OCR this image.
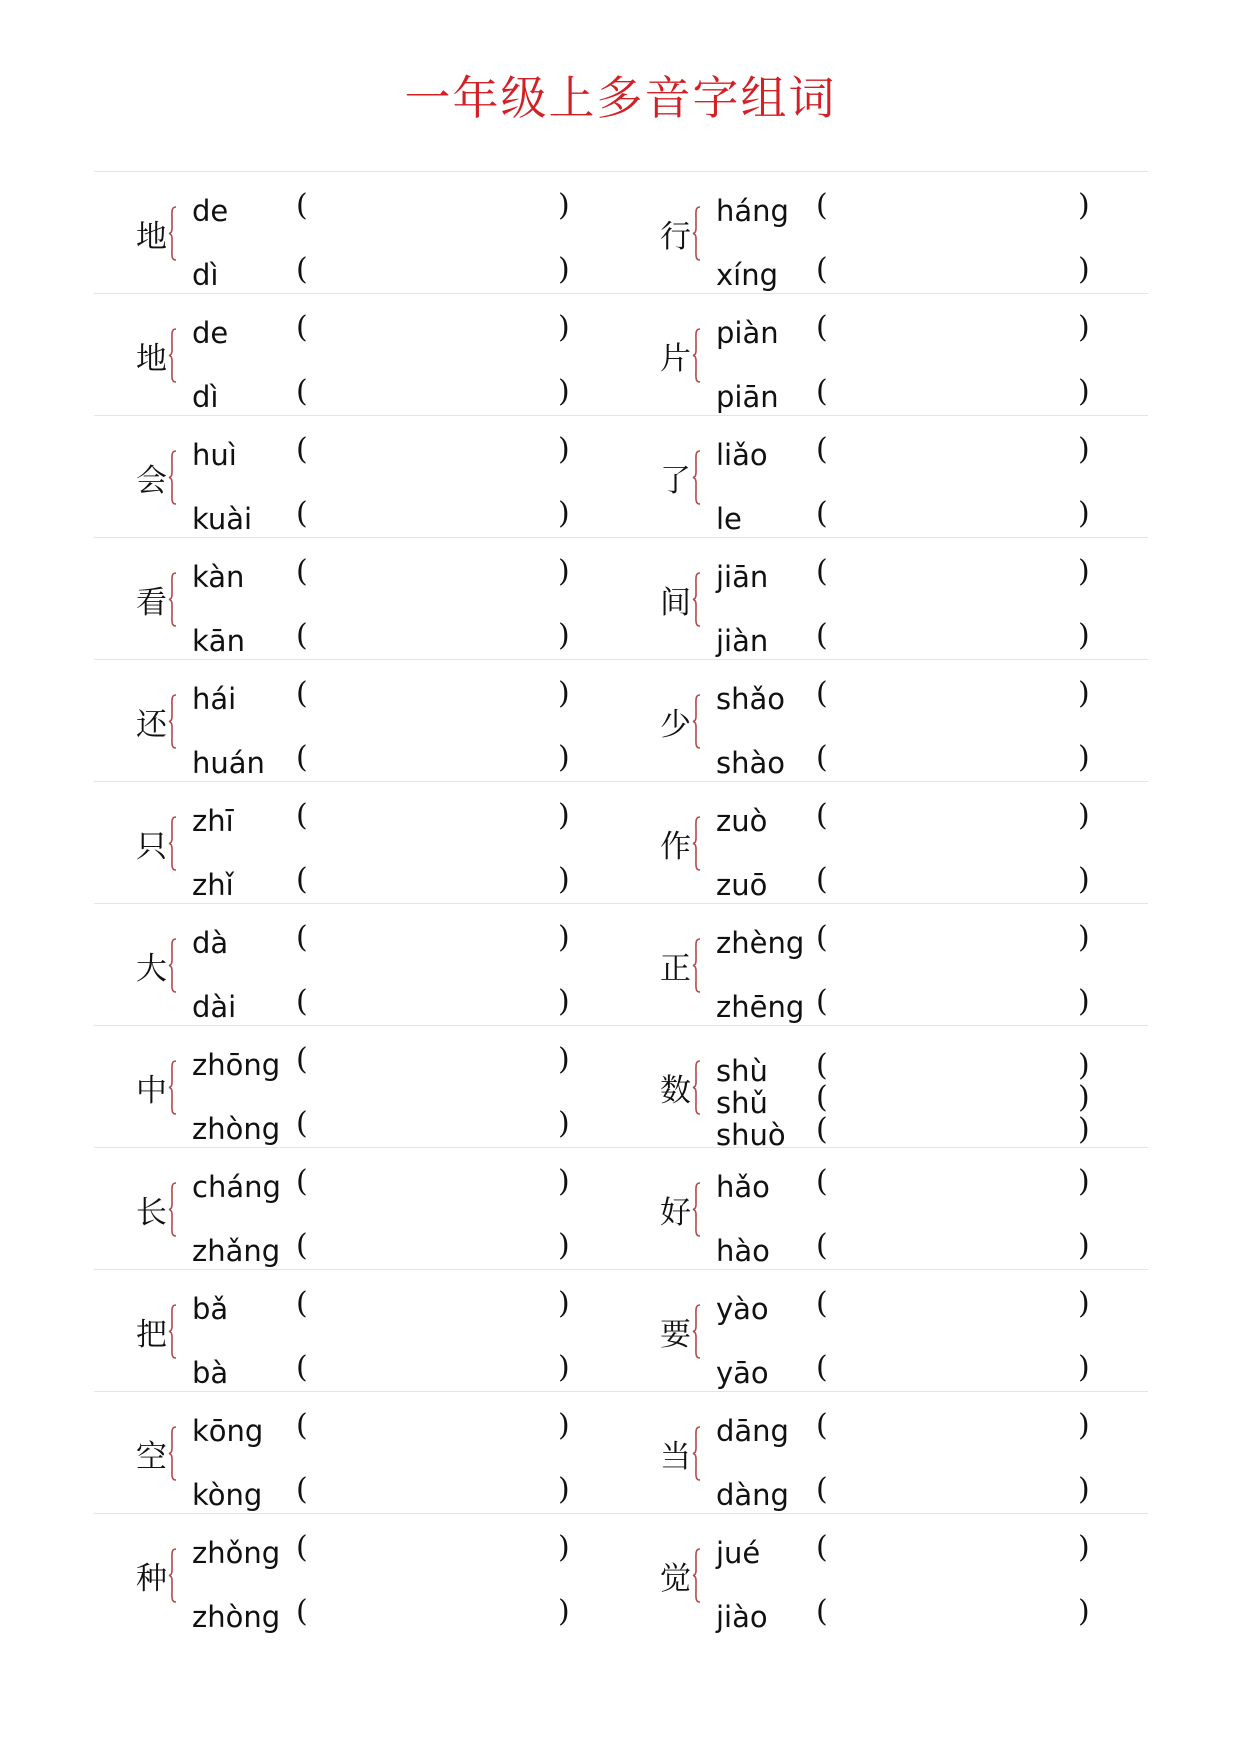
一年级上多音字组词
地
de (	)
dì	(	)
行
háng (	)
xíng (	)
地
de (	)
dì	(	)
片
piàn (	)
piān (	)
会
huì (	)
kuài (	)
了
liǎo (	)
le (	)
看
kàn (	)
kān (	)
间
jiān (	)
jiàn (	)
还
hái (	)
huán (	)
少
shǎo (	)
shào (	)
只
zhī (	)
zhǐ (	)
作
zuò (	)
zuō (	)
大
dà (	)
dài (	)
正
zhèng (	)
zhēng (	)
中
zhōng (	)
zhòng (	)
数
shù (	)
shǔ (	)
shuò (	)
长
cháng (	)
zhǎng (	)
好
hǎo (	)
hào (	)
把
bǎ (	)
bà (	)
要
yào (	)
yāo (	)
空
kōng (	)
kòng (	)
当
dāng (	)
dàng (	)
种
zhǒng (	)
zhòng (	)
觉
jué (	)
jiào (	)
